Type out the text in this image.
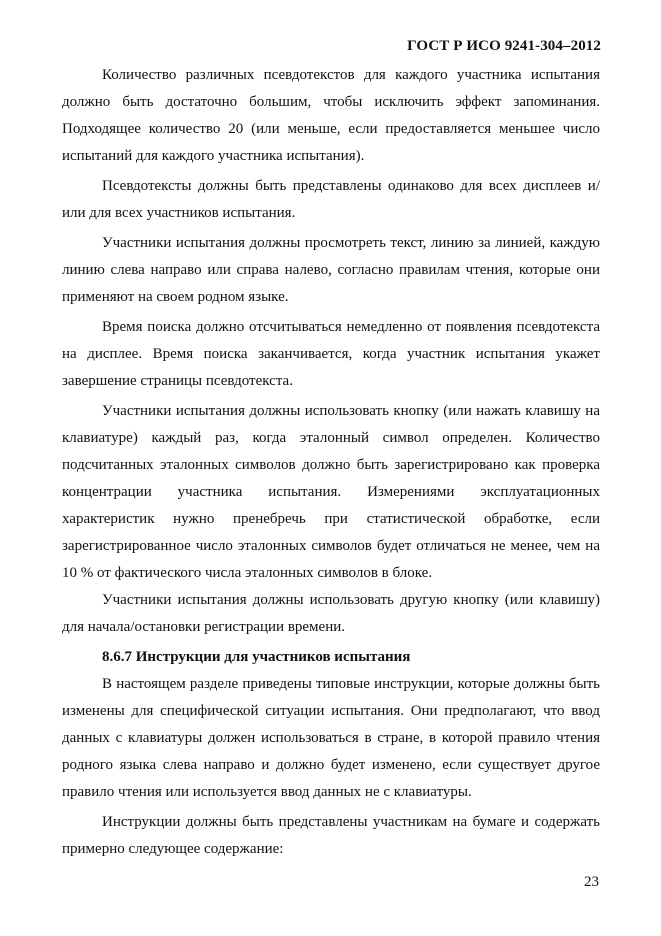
ГОСТ Р ИСО 9241-304–2012

Количество различных псевдотекстов для каждого участника испытания должно быть достаточно большим, чтобы исключить эффект запоминания. Подходящее количество 20 (или меньше, если предоставляется меньшее число испытаний для каждого участника испытания).

Псевдотексты должны быть представлены одинаково для всех дисплеев и/или для всех участников испытания.

Участники испытания должны просмотреть текст, линию за линией, каждую линию слева направо или справа налево, согласно правилам чтения, которые они применяют на своем родном языке.

Время поиска должно отсчитываться немедленно от появления псевдотекста на дисплее. Время поиска заканчивается, когда участник испытания укажет завершение страницы псевдотекста.

Участники испытания должны использовать кнопку (или нажать клавишу на клавиатуре) каждый раз, когда эталонный символ определен. Количество подсчитанных эталонных символов должно быть зарегистрировано как проверка концентрации участника испытания. Измерениями эксплуатационных характеристик нужно пренебречь при статистической обработке, если зарегистрированное число эталонных символов будет отличаться не менее, чем на 10 % от фактического числа эталонных символов в блоке.

Участники испытания должны использовать другую кнопку (или клавишу) для начала/остановки регистрации времени.

8.6.7 Инструкции для участников испытания

В настоящем разделе приведены типовые инструкции, которые должны быть изменены для специфической ситуации испытания. Они предполагают, что ввод данных с клавиатуры должен использоваться в стране, в которой правило чтения родного языка слева направо и должно будет изменено, если существует другое правило чтения или используется ввод данных не с клавиатуры.

Инструкции должны быть представлены участникам на бумаге и содержать примерно следующее содержание:

23
